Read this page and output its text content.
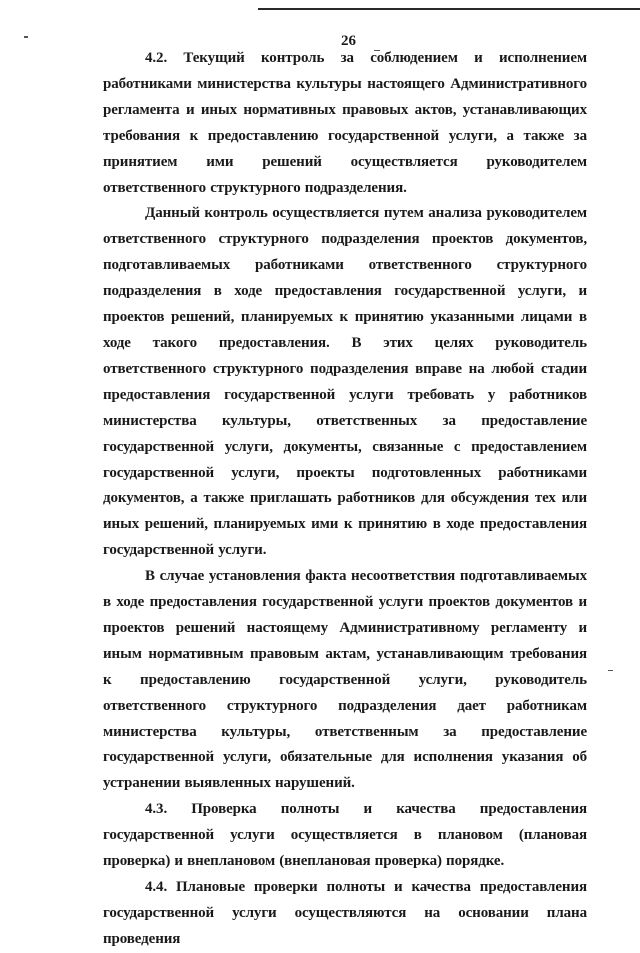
26

4.2. Текущий контроль за соблюдением и исполнением работниками министерства культуры настоящего Административного регламента и иных нормативных правовых актов, устанавливающих требования к предоставлению государственной услуги, а также за принятием ими решений осуществляется руководителем ответственного структурного подразделения.

Данный контроль осуществляется путем анализа руководителем ответственного структурного подразделения проектов документов, подготавливаемых работниками ответственного структурного подразделения в ходе предоставления государственной услуги, и проектов решений, планируемых к принятию указанными лицами в ходе такого предоставления. В этих целях руководитель ответственного структурного подразделения вправе на любой стадии предоставления государственной услуги требовать у работников министерства культуры, ответственных за предоставление государственной услуги, документы, связанные с предоставлением государственной услуги, проекты подготовленных работниками документов, а также приглашать работников для обсуждения тех или иных решений, планируемых ими к принятию в ходе предоставления государственной услуги.

В случае установления факта несоответствия подготавливаемых в ходе предоставления государственной услуги проектов документов и проектов решений настоящему Административному регламенту и иным нормативным правовым актам, устанавливающим требования к предоставлению государственной услуги, руководитель ответственного структурного подразделения дает работникам министерства культуры, ответственным за предоставление государственной услуги, обязательные для исполнения указания об устранении выявленных нарушений.

4.3. Проверка полноты и качества предоставления государственной услуги осуществляется в плановом (плановая проверка) и внеплановом (внеплановая проверка) порядке.

4.4. Плановые проверки полноты и качества предоставления государственной услуги осуществляются на основании плана проведения
